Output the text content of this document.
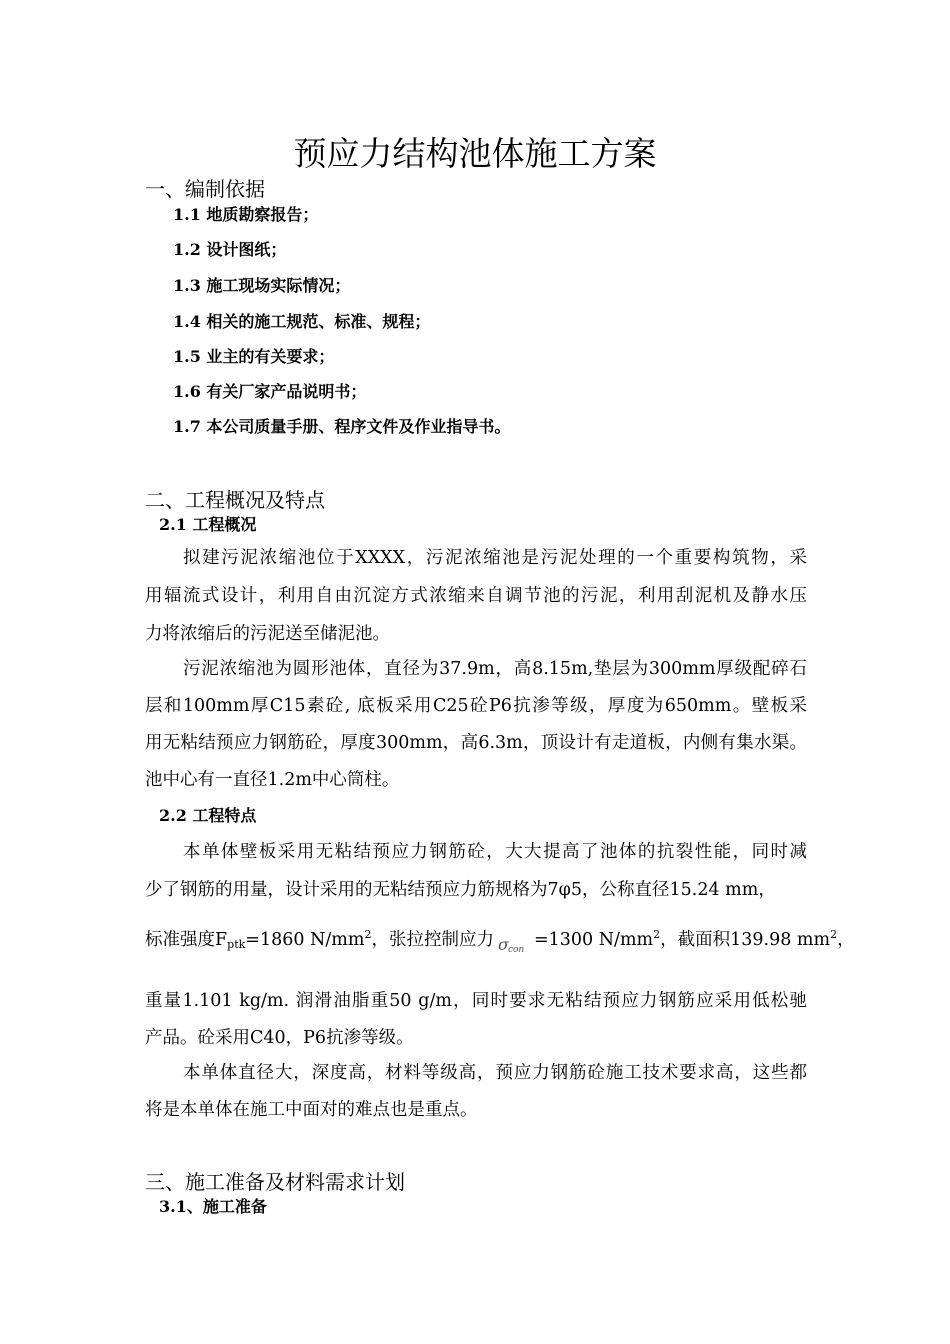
预应力结构池体施工方案
一、编制依据
1.1 地质勘察报告；
1.2 设计图纸；
1.3 施工现场实际情况；
1.4 相关的施工规范、标准、规程；
1.5 业主的有关要求；
1.6 有关厂家产品说明书；
1.7 本公司质量手册、程序文件及作业指导书。
二、工程概况及特点
2.1 工程概况
拟建污泥浓缩池位于XXXX，污泥浓缩池是污泥处理的一个重要构筑物，采
用辐流式设计，利用自由沉淀方式浓缩来自调节池的污泥，利用刮泥机及静水压
力将浓缩后的污泥送至储泥池。
污泥浓缩池为圆形池体，直径为37.9m，高8.15m,垫层为300mm厚级配碎石
层和100mm厚C15素砼, 底板采用C25砼P6抗渗等级，厚度为650mm。壁板采
用无粘结预应力钢筋砼，厚度300mm，高6.3m，顶设计有走道板，内侧有集水渠。
池中心有一直径1.2m中心筒柱。
2.2 工程特点
本单体壁板采用无粘结预应力钢筋砼，大大提高了池体的抗裂性能，同时减
少了钢筋的用量，设计采用的无粘结预应力筋规格为7φ5，公称直径15.24 mm，
标准强度$F_{ptk}=1860$ $N/mm^2$，张拉控制应力 σ con =1300 $N/mm^2$，截面积139.98 $mm^2$，
重量1.101 kg/m. 润滑油脂重50 g/m，同时要求无粘结预应力钢筋应采用低松驰
产品。砼采用C40，P6抗渗等级。
本单体直径大，深度高，材料等级高，预应力钢筋砼施工技术要求高，这些都
将是本单体在施工中面对的难点也是重点。
三、施工准备及材料需求计划
3.1、施工准备
